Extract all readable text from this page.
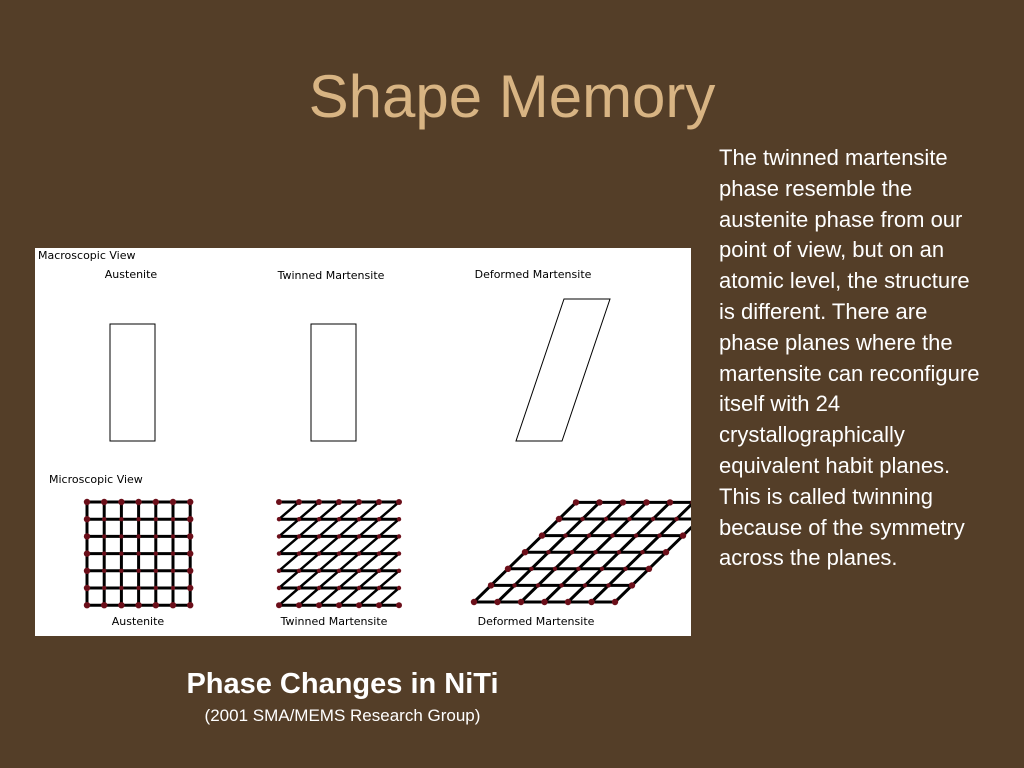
Shape Memory
Macroscopic View
Austenite	Twinned Martensite	Deformed Martensite
Microscopic View
Austenite	Twinned Martensite	Deformed Martensite
The twinned martensite phase resemble the austenite phase from our point of view, but on an atomic level, the structure is different. There are phase planes where the martensite can reconfigure itself with 24 crystallographically equivalent habit planes. This is called twinning because of the symmetry across the planes.
Phase Changes in NiTi
(2001 SMA/MEMS Research Group)
